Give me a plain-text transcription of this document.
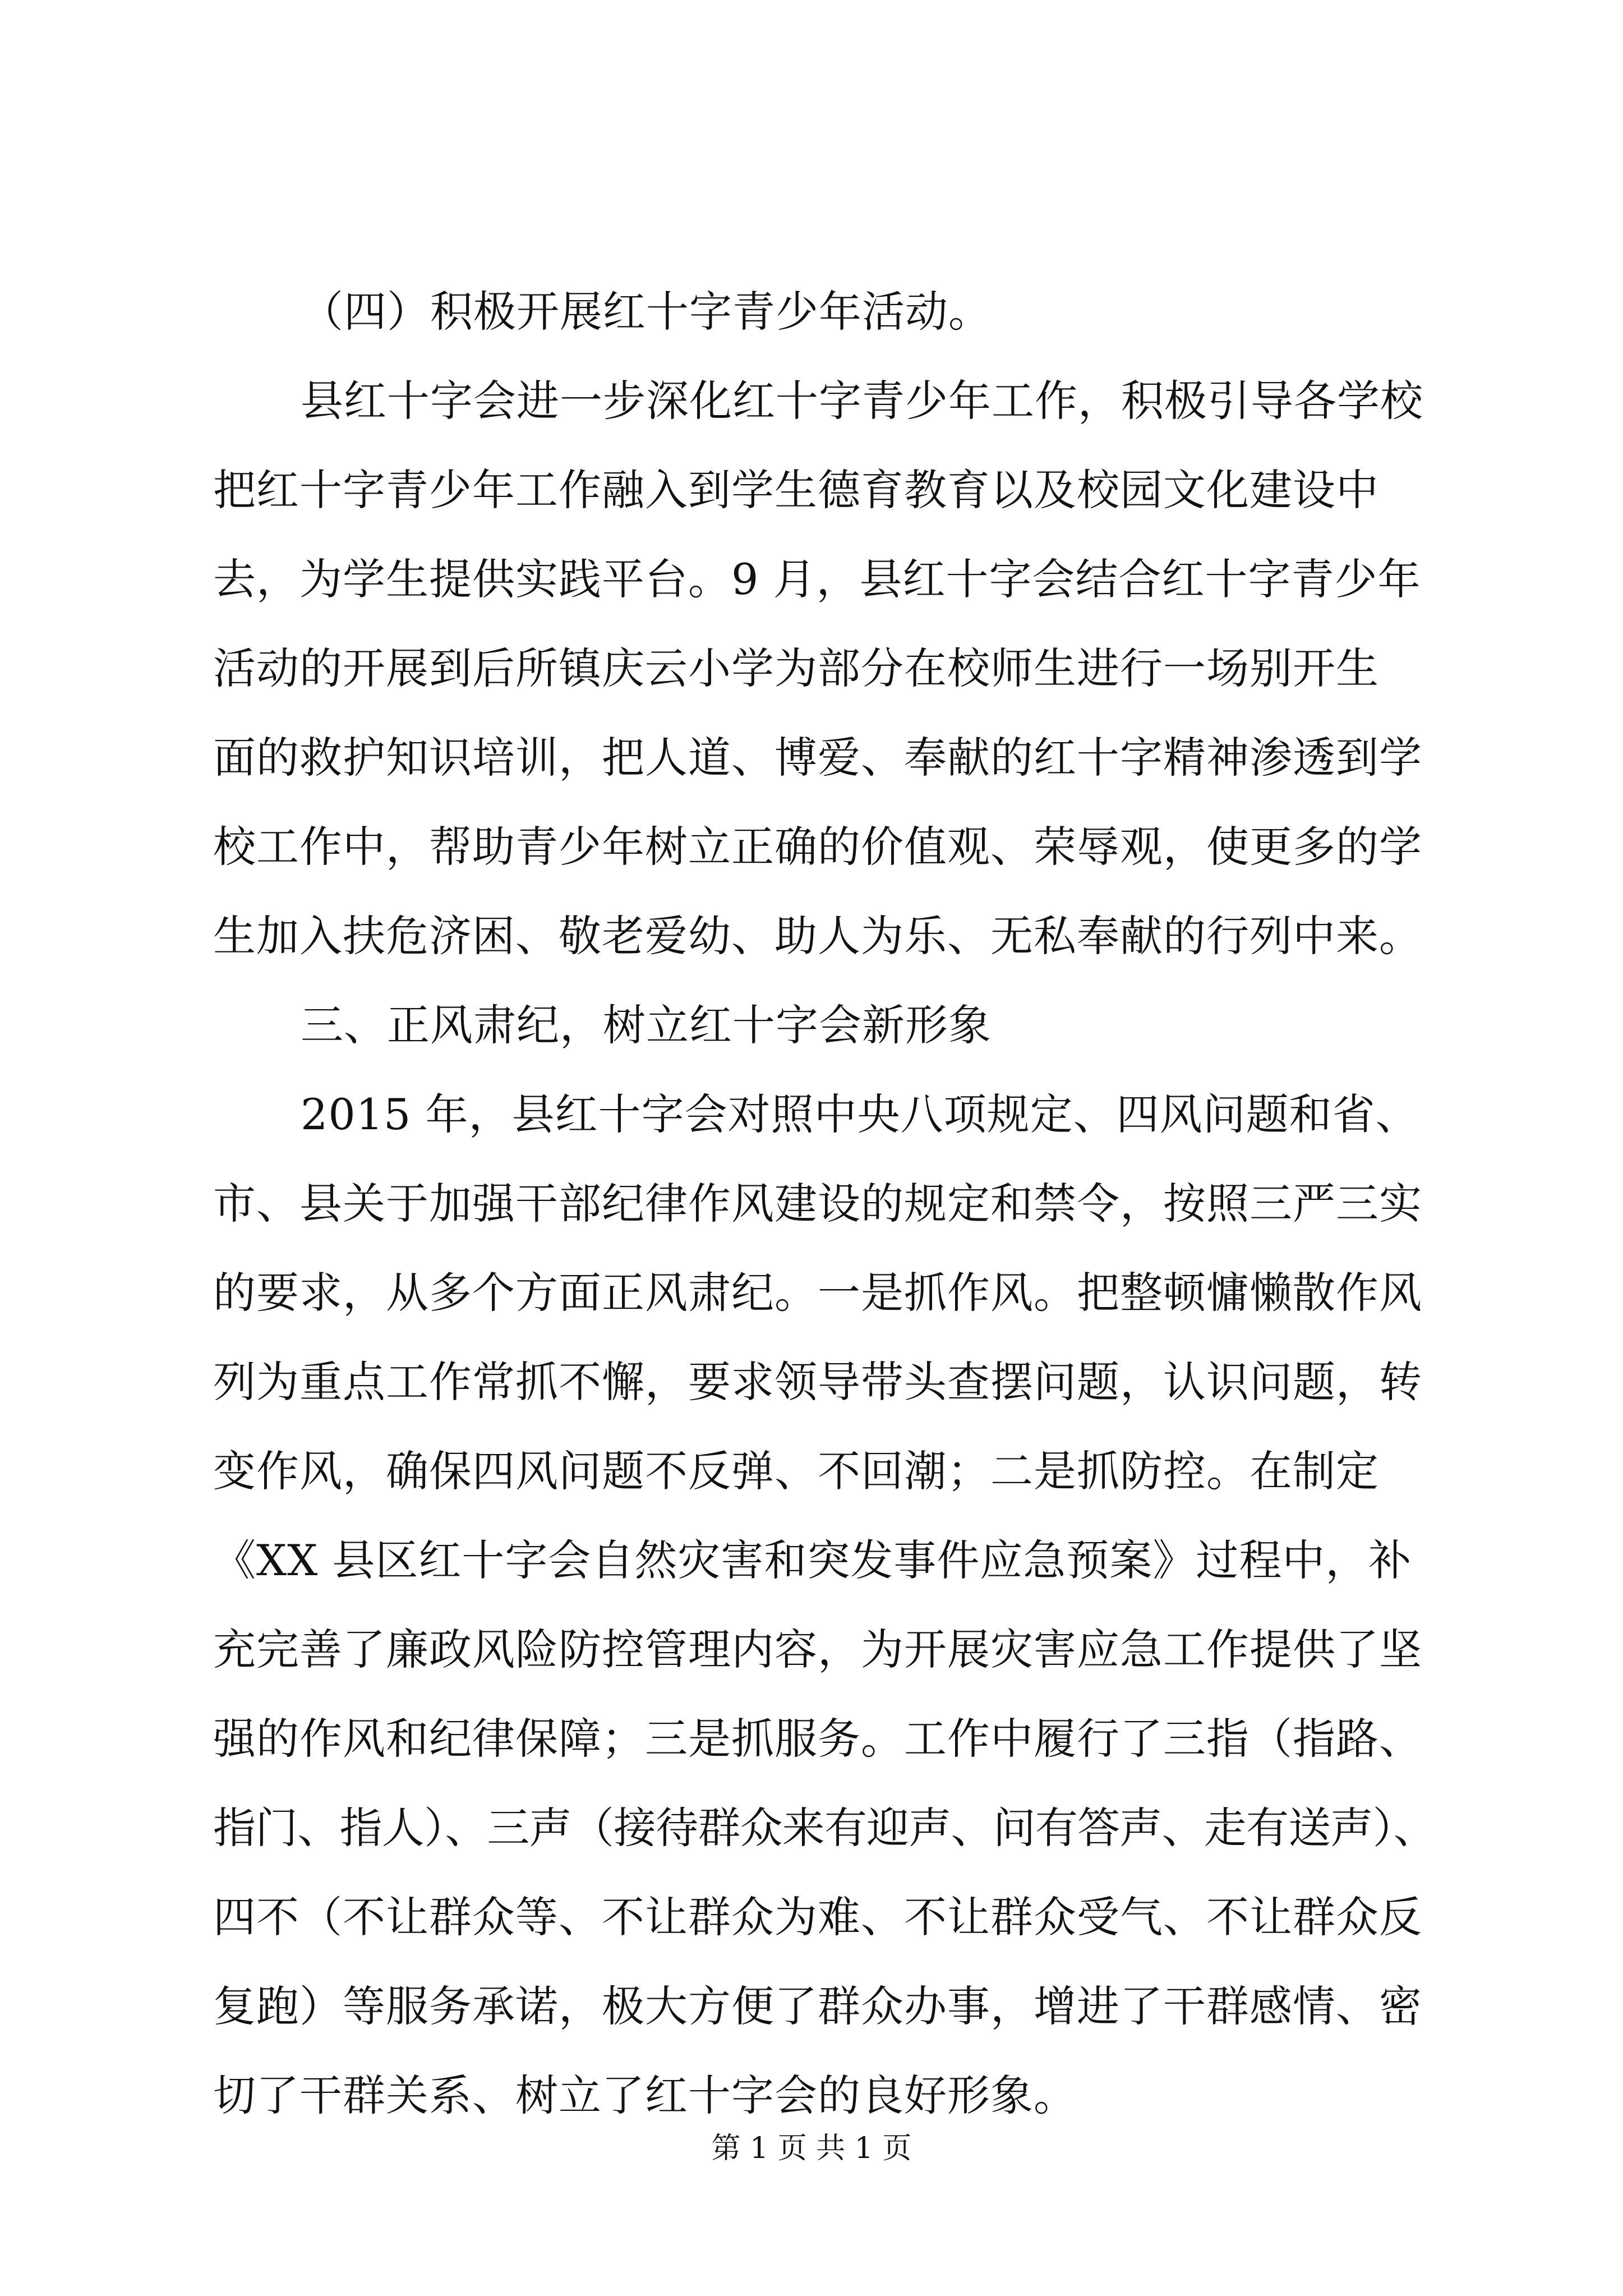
（四）积极开展红十字青少年活动。
县红十字会进一步深化红十字青少年工作，积极引导各学校
把红十字青少年工作融入到学生德育教育以及校园文化建设中
去，为学生提供实践平台。9 月，县红十字会结合红十字青少年
活动的开展到后所镇庆云小学为部分在校师生进行一场别开生
面的救护知识培训，把人道、博爱、奉献的红十字精神渗透到学
校工作中，帮助青少年树立正确的价值观、荣辱观，使更多的学
生加入扶危济困、敬老爱幼、助人为乐、无私奉献的行列中来。
三、正风肃纪，树立红十字会新形象
2015 年，县红十字会对照中央八项规定、四风问题和省、
市、县关于加强干部纪律作风建设的规定和禁令，按照三严三实
的要求，从多个方面正风肃纪。一是抓作风。把整顿慵懒散作风
列为重点工作常抓不懈，要求领导带头查摆问题，认识问题，转
变作风，确保四风问题不反弹、不回潮；二是抓防控。在制定
《XX 县区红十字会自然灾害和突发事件应急预案》过程中，补
充完善了廉政风险防控管理内容，为开展灾害应急工作提供了坚
强的作风和纪律保障；三是抓服务。工作中履行了三指（指路、
指门、指人）、三声（接待群众来有迎声、问有答声、走有送声）、
四不（不让群众等、不让群众为难、不让群众受气、不让群众反
复跑）等服务承诺，极大方便了群众办事，增进了干群感情、密
切了干群关系、树立了红十字会的良好形象。
第 1 页 共 1 页
